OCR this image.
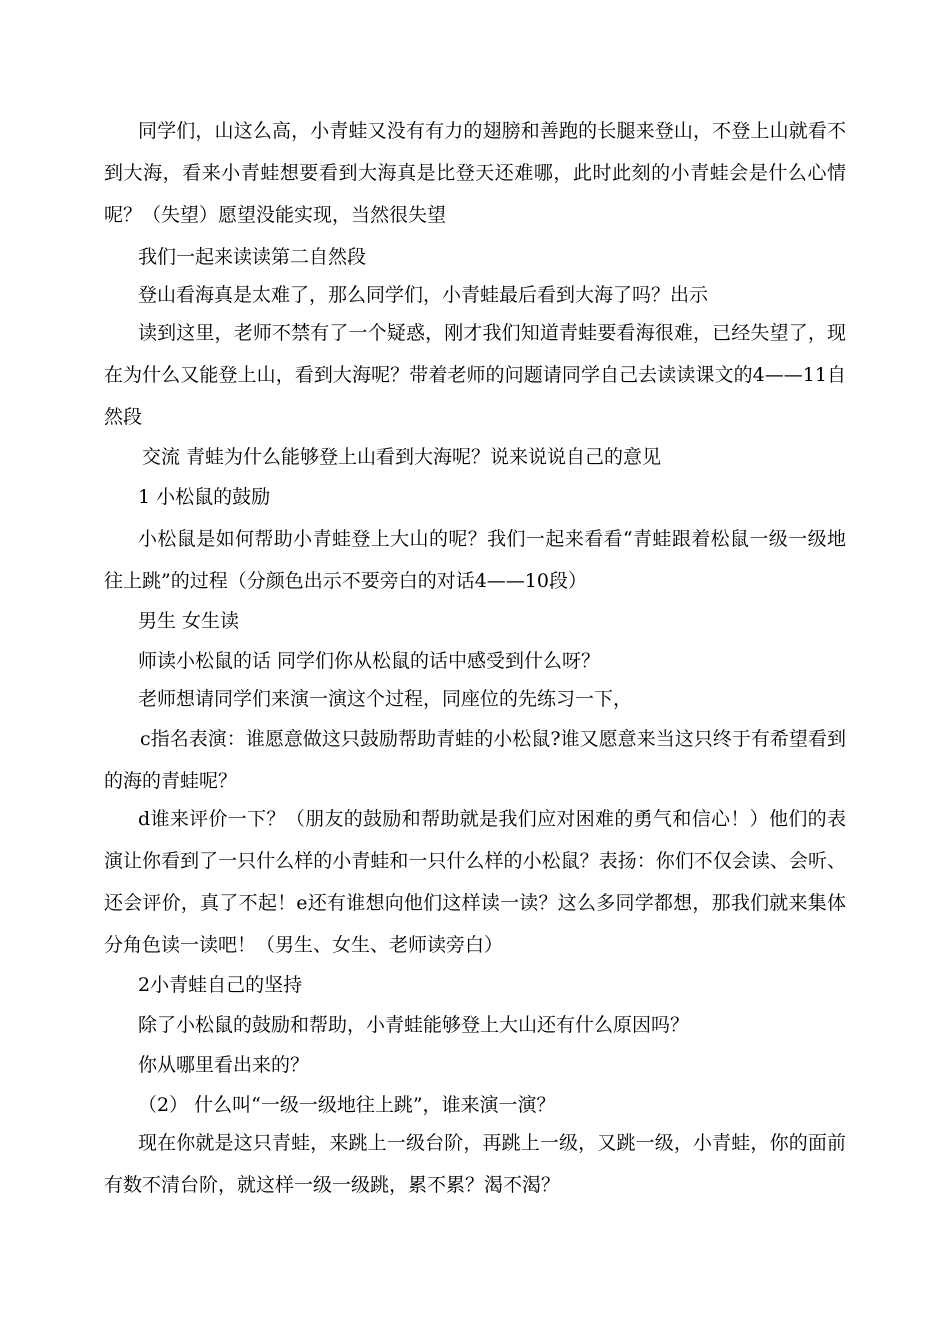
同学们，山这么高，小青蛙又没有有力的翅膀和善跑的长腿来登山，不登上山就看不到大海，看来小青蛙想要看到大海真是比登天还难哪，此时此刻的小青蛙会是什么心情呢？（失望）愿望没能实现，当然很失望
我们一起来读读第二自然段
登山看海真是太难了，那么同学们，小青蛙最后看到大海了吗？出示
读到这里，老师不禁有了一个疑惑，刚才我们知道青蛙要看海很难，已经失望了，现在为什么又能登上山，看到大海呢？带着老师的问题请同学自己去读读课文的4——11自然段
交流 青蛙为什么能够登上山看到大海呢？说来说说自己的意见
1 小松鼠的鼓励
小松鼠是如何帮助小青蛙登上大山的呢？我们一起来看看“青蛙跟着松鼠一级一级地往上跳”的过程（分颜色出示不要旁白的对话4——10段）
男生 女生读
师读小松鼠的话 同学们你从松鼠的话中感受到什么呀？
老师想请同学们来演一演这个过程，同座位的先练习一下，
c指名表演：谁愿意做这只鼓励帮助青蛙的小松鼠?谁又愿意来当这只终于有希望看到的海的青蛙呢？
d谁来评价一下？（朋友的鼓励和帮助就是我们应对困难的勇气和信心！）他们的表演让你看到了一只什么样的小青蛙和一只什么样的小松鼠？表扬：你们不仅会读、会听、还会评价，真了不起！e还有谁想向他们这样读一读？这么多同学都想，那我们就来集体分角色读一读吧！（男生、女生、老师读旁白）
2小青蛙自己的坚持
除了小松鼠的鼓励和帮助，小青蛙能够登上大山还有什么原因吗？
你从哪里看出来的？
（2） 什么叫“一级一级地往上跳”，谁来演一演？
现在你就是这只青蛙，来跳上一级台阶，再跳上一级，又跳一级，小青蛙，你的面前有数不清台阶，就这样一级一级跳，累不累？渴不渴？
